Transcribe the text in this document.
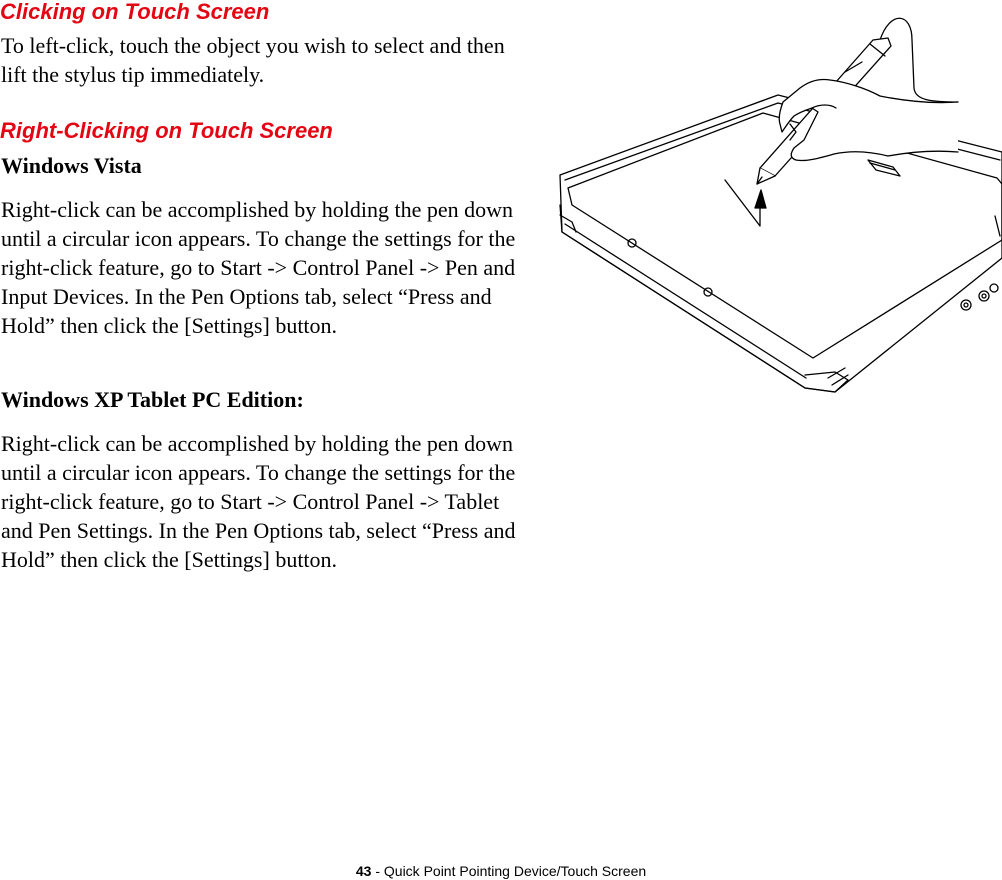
Clicking on Touch Screen

To left-click, touch the object you wish to select and then lift the stylus tip immediately.

Right-Clicking on Touch Screen

Windows Vista

Right-click can be accomplished by holding the pen down until a circular icon appears. To change the settings for the right-click feature, go to Start -> Control Panel -> Pen and Input Devices. In the Pen Options tab, select “Press and Hold” then click the [Settings] button.

Windows XP Tablet PC Edition:

Right-click can be accomplished by holding the pen down until a circular icon appears. To change the settings for the right-click feature, go to Start -> Control Panel -> Tablet and Pen Settings. In the Pen Options tab, select “Press and Hold” then click the [Settings] button.

43 - Quick Point Pointing Device/Touch Screen
